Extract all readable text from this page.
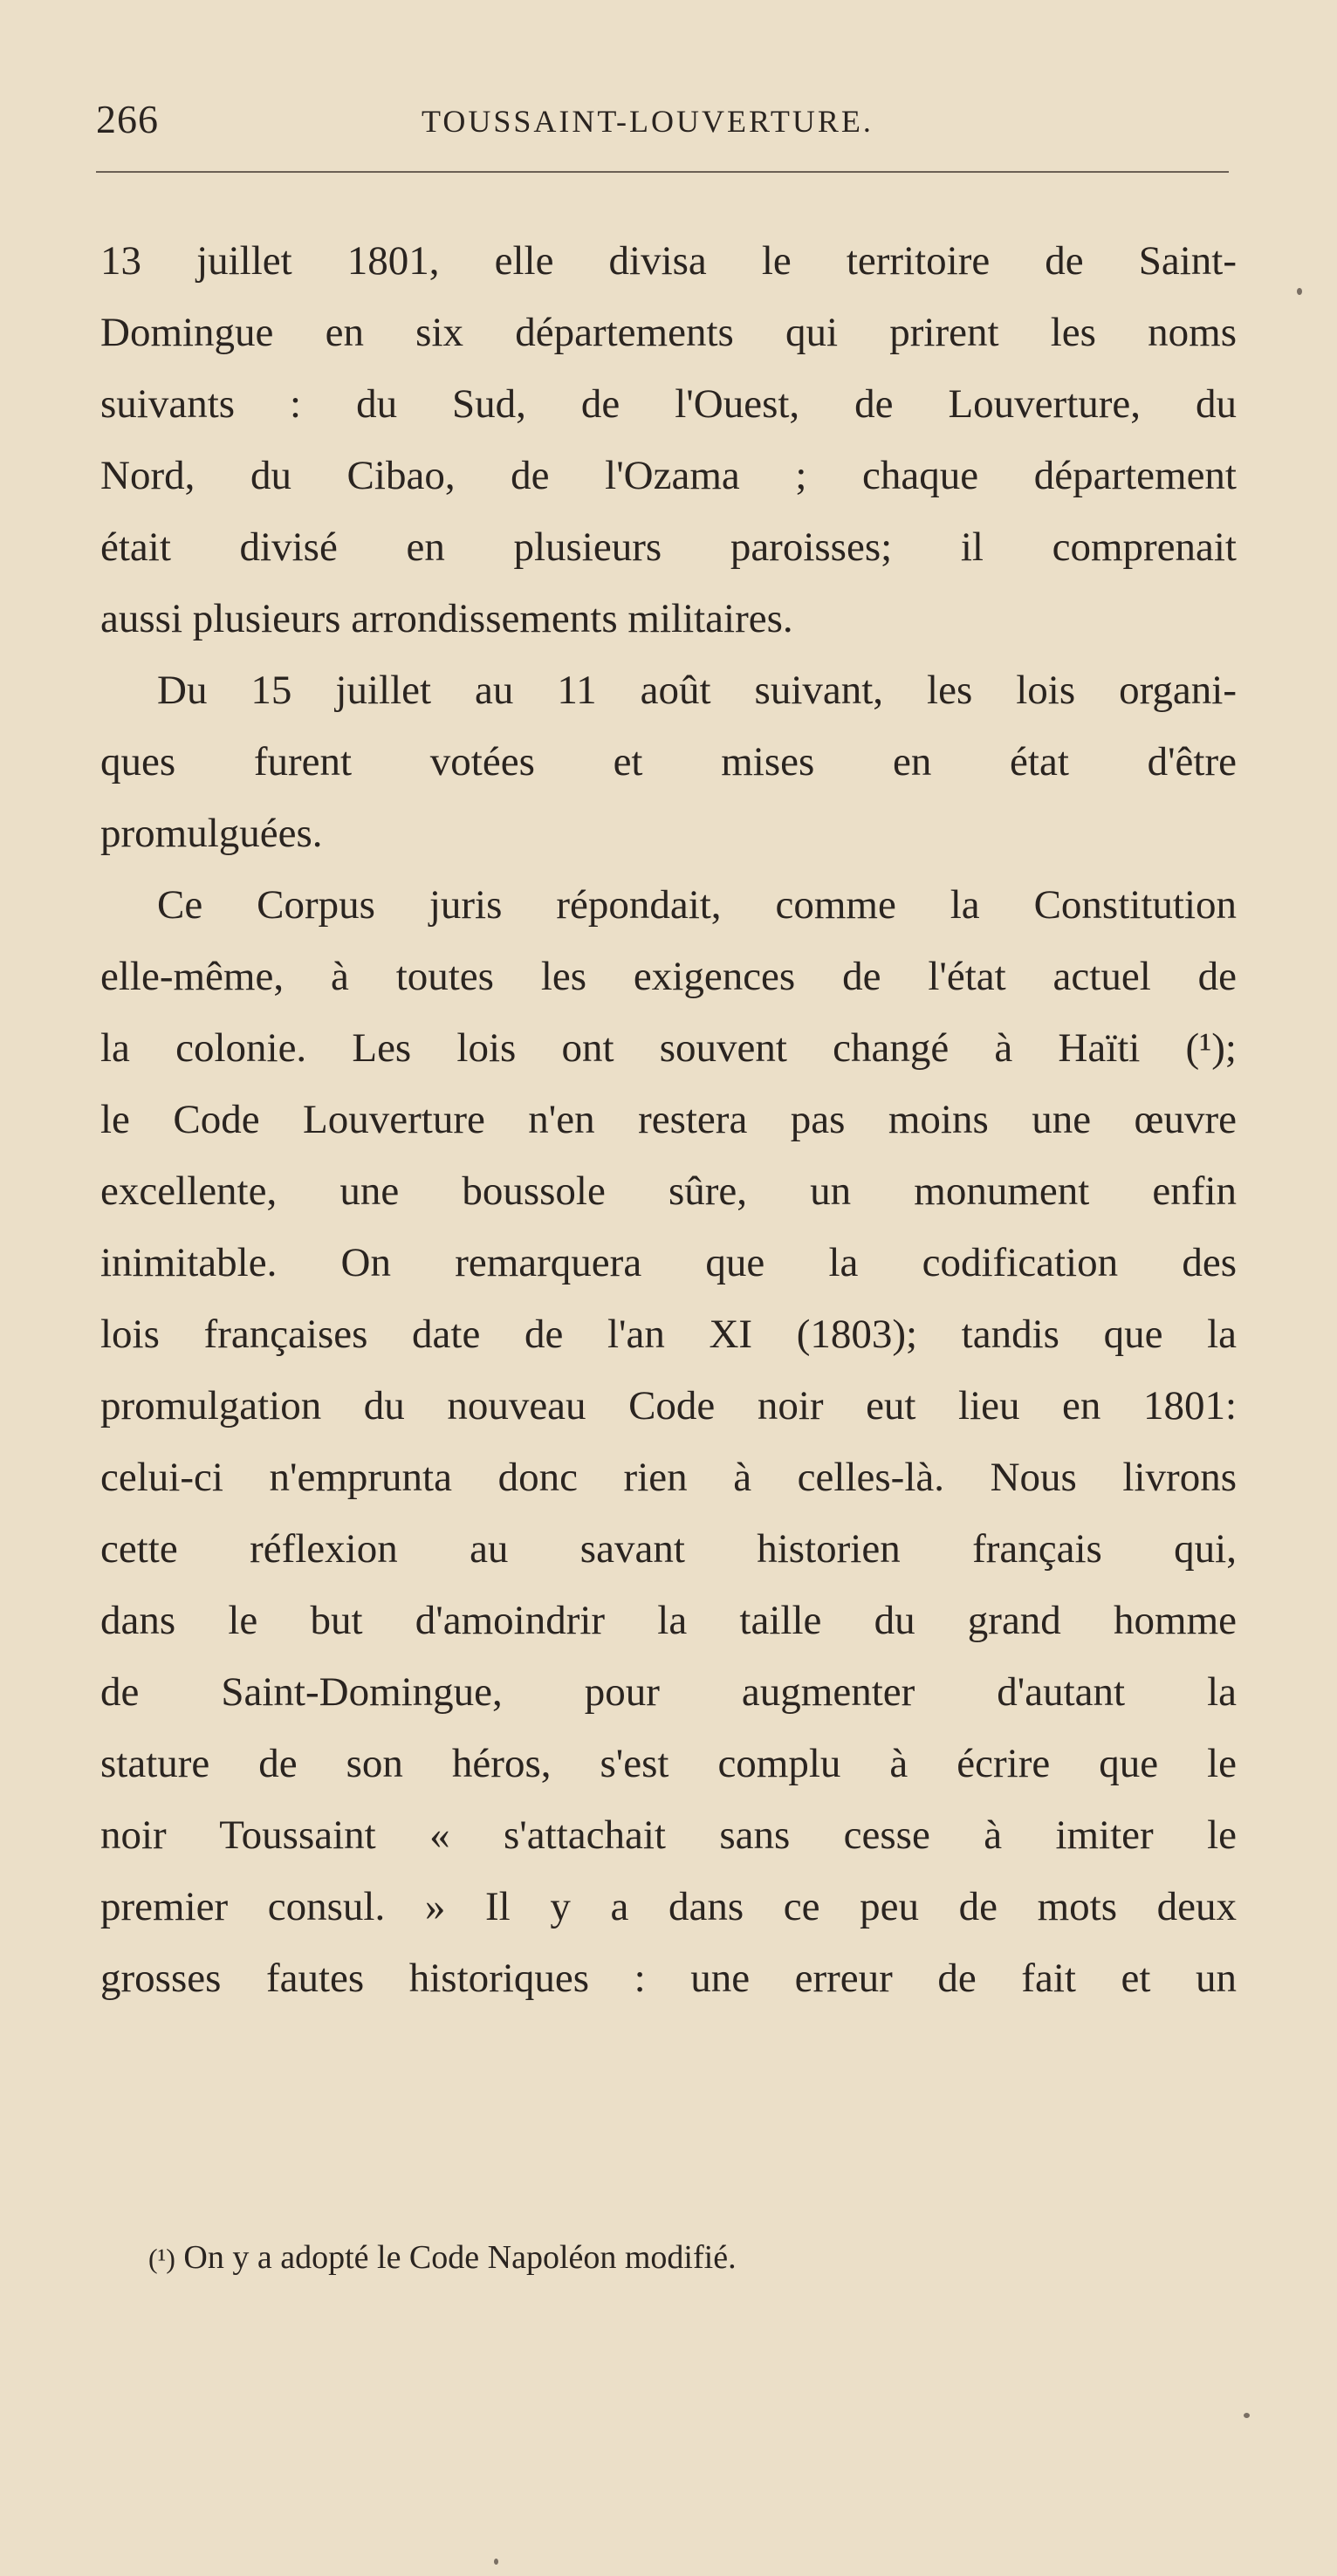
266	TOUSSAINT-LOUVERTURE.
13 juillet 1801, elle divisa le territoire de Saint-
Domingue en six départements qui prirent les noms
suivants : du Sud, de l'Ouest, de Louverture, du
Nord, du Cibao, de l'Ozama ; chaque département
était divisé en plusieurs paroisses; il comprenait
aussi plusieurs arrondissements militaires.
Du 15 juillet au 11 août suivant, les lois organi-
ques furent votées et mises en état d'être
promulguées.
Ce Corpus juris répondait, comme la Constitution
elle-même, à toutes les exigences de l'état actuel de
la colonie. Les lois ont souvent changé à Haïti (¹);
le Code Louverture n'en restera pas moins une œuvre
excellente, une boussole sûre, un monument enfin
inimitable. On remarquera que la codification des
lois françaises date de l'an XI (1803); tandis que la
promulgation du nouveau Code noir eut lieu en 1801:
celui-ci n'emprunta donc rien à celles-là. Nous livrons
cette réflexion au savant historien français qui,
dans le but d'amoindrir la taille du grand homme
de Saint-Domingue, pour augmenter d'autant la
stature de son héros, s'est complu à écrire que le
noir Toussaint « s'attachait sans cesse à imiter le
premier consul. » Il y a dans ce peu de mots deux
grosses fautes historiques : une erreur de fait et un
(¹) On y a adopté le Code Napoléon modifié.
